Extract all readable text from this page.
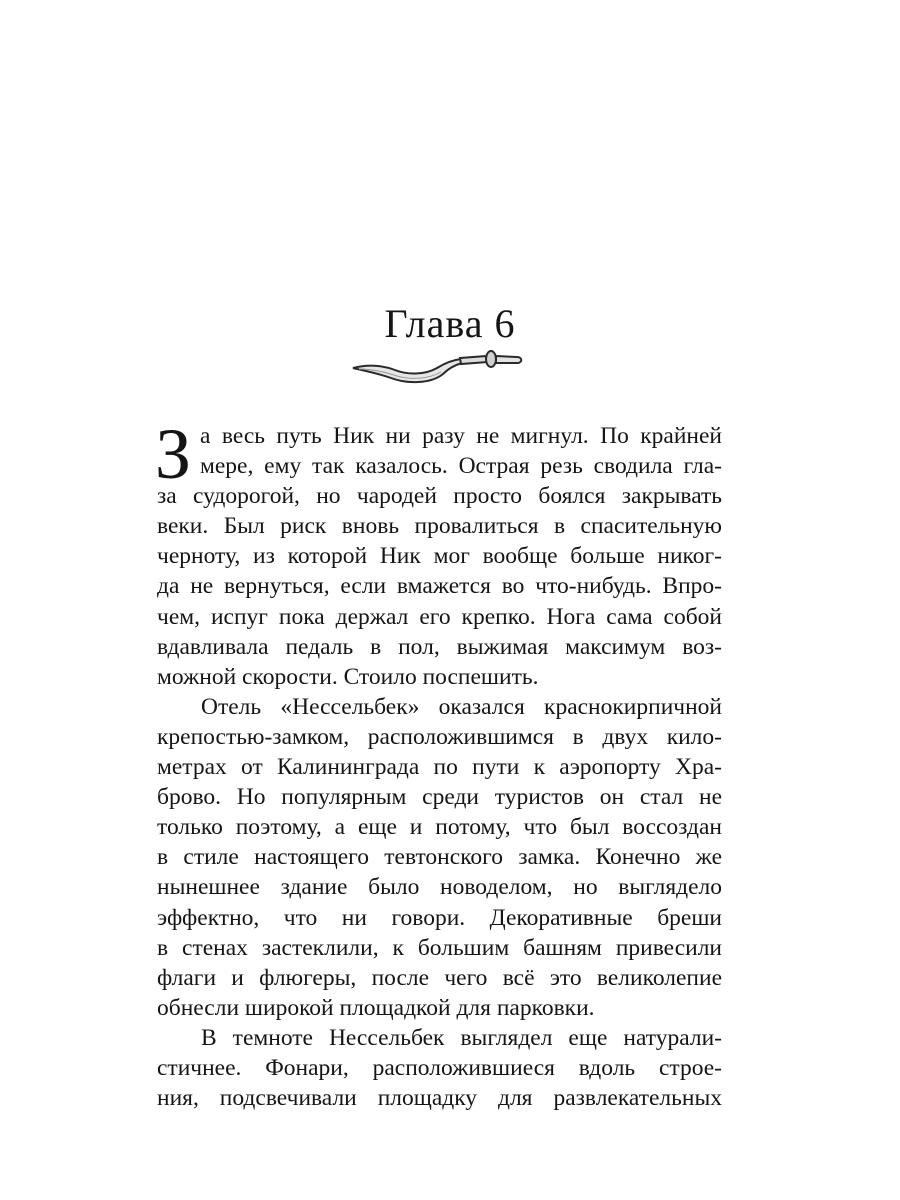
Глава 6
З а весь путь Ник ни разу не мигнул. По крайней
мере, ему так казалось. Острая резь сводила гла-
за судорогой, но чародей просто боялся закрывать
веки. Был риск вновь провалиться в спасительную
черноту, из которой Ник мог вообще больше никог-
да не вернуться, если вмажется во что-нибудь. Впро-
чем, испуг пока держал его крепко. Нога сама собой
вдавливала педаль в пол, выжимая максимум воз-
можной скорости. Стоило поспешить.
Отель «Нессельбек» оказался краснокирпичной
крепостью-замком, расположившимся в двух кило-
метрах от Калининграда по пути к аэропорту Хра-
брово. Но популярным среди туристов он стал не
только поэтому, а еще и потому, что был воссоздан
в стиле настоящего тевтонского замка. Конечно же
нынешнее здание было новоделом, но выглядело
эффектно, что ни говори. Декоративные бреши
в стенах застеклили, к большим башням привесили
флаги и флюгеры, после чего всё это великолепие
обнесли широкой площадкой для парковки.
В темноте Нессельбек выглядел еще натурали-
стичнее. Фонари, расположившиеся вдоль строе-
ния, подсвечивали площадку для развлекательных
